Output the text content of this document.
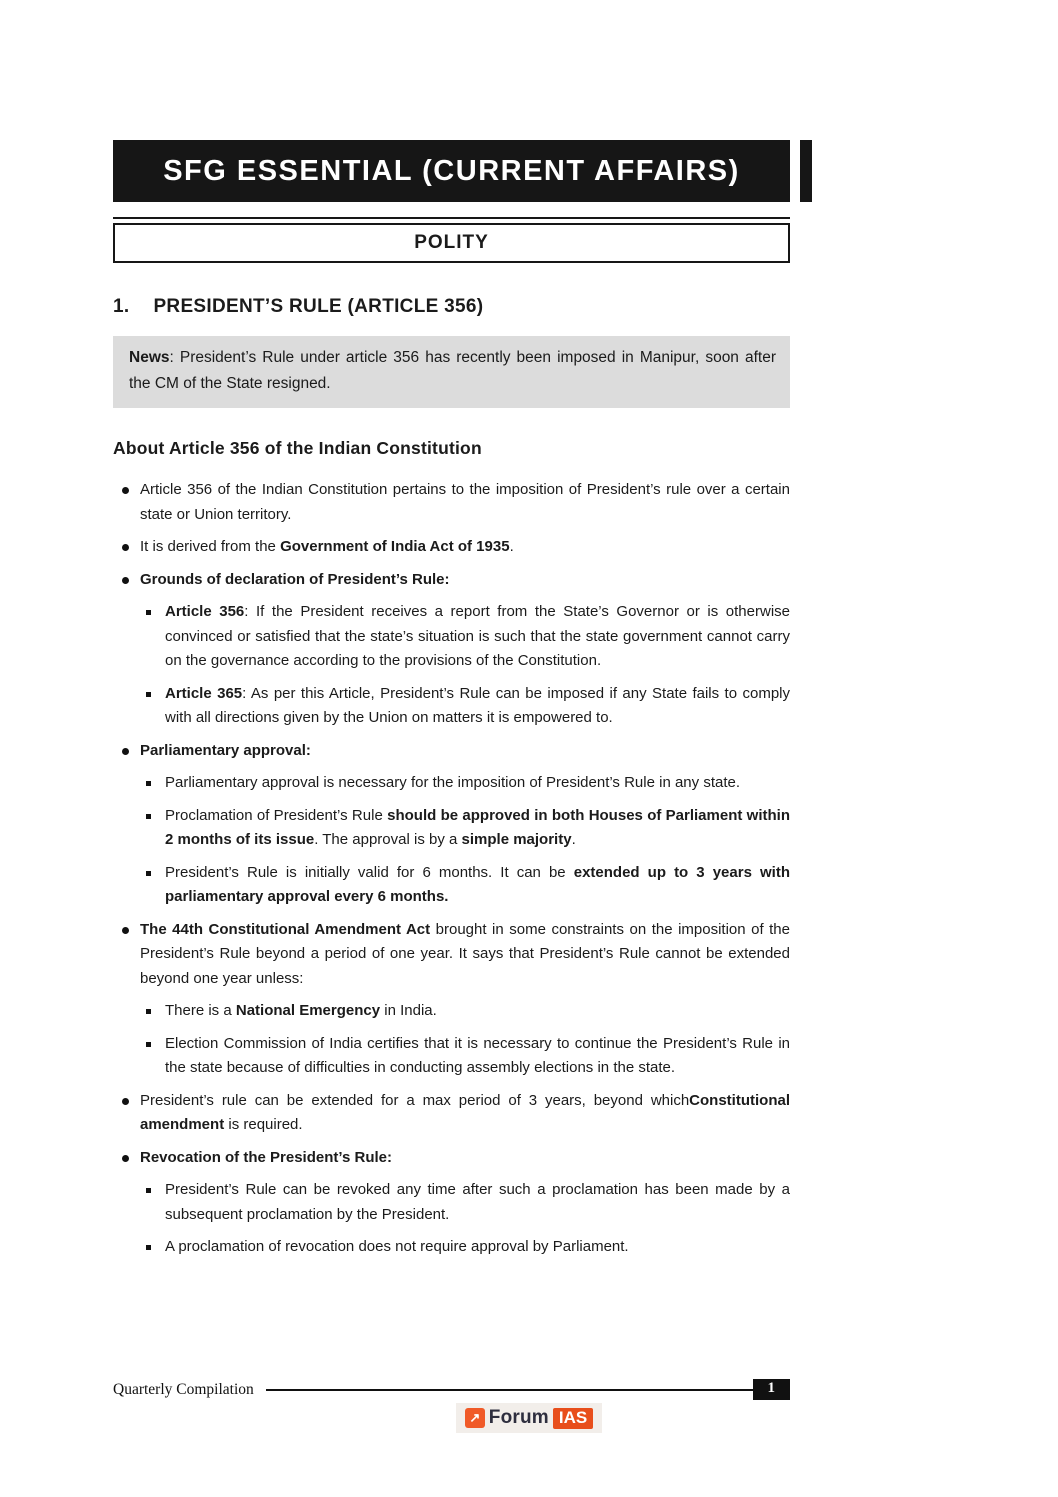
SFG ESSENTIAL (CURRENT AFFAIRS)
POLITY
1. PRESIDENT’S RULE (ARTICLE 356)

News: President’s Rule under article 356 has recently been imposed in Manipur, soon after the CM of the State resigned.

About Article 356 of the Indian Constitution
Article 356 of the Indian Constitution pertains to the imposition of President’s rule over a certain state or Union territory.
It is derived from the Government of India Act of 1935.
Grounds of declaration of President’s Rule:
Article 356: If the President receives a report from the State’s Governor or is otherwise convinced or satisfied that the state’s situation is such that the state government cannot carry on the governance according to the provisions of the Constitution.
Article 365: As per this Article, President’s Rule can be imposed if any State fails to comply with all directions given by the Union on matters it is empowered to.
Parliamentary approval:
Parliamentary approval is necessary for the imposition of President’s Rule in any state.
Proclamation of President’s Rule should be approved in both Houses of Parliament within 2 months of its issue. The approval is by a simple majority.
President’s Rule is initially valid for 6 months. It can be extended up to 3 years with parliamentary approval every 6 months.
The 44th Constitutional Amendment Act brought in some constraints on the imposition of the President’s Rule beyond a period of one year. It says that President’s Rule cannot be extended beyond one year unless:
There is a National Emergency in India.
Election Commission of India certifies that it is necessary to continue the President’s Rule in the state because of difficulties in conducting assembly elections in the state.
President’s rule can be extended for a max period of 3 years, beyond whichConstitutional amendment is required.
Revocation of the President’s Rule:
President’s Rule can be revoked any time after such a proclamation has been made by a subsequent proclamation by the President.
A proclamation of revocation does not require approval by Parliament.
Quarterly Compilation	1
↗ Forum IAS
